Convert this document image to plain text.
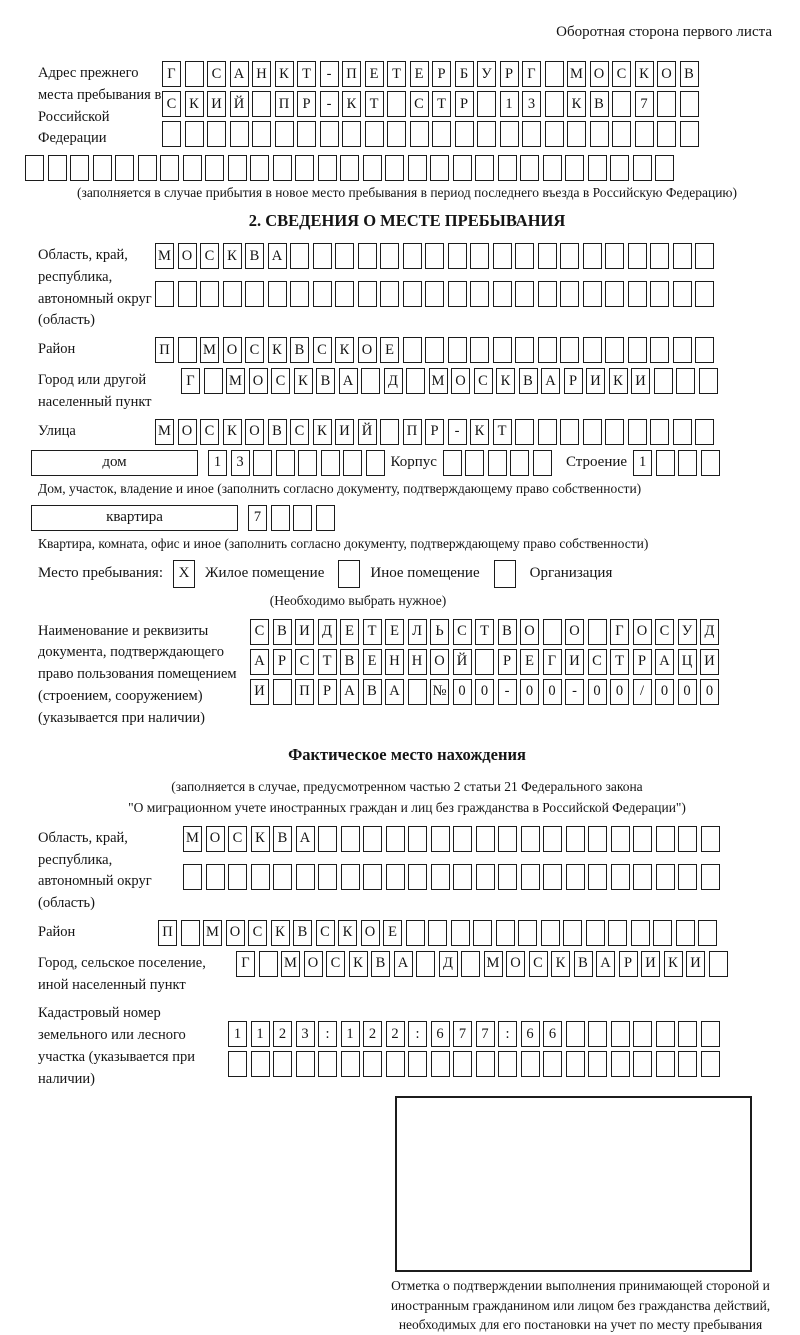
Оборотная сторона первого листа
Адрес прежнего места пребывания в Российской Федерации
Г	С А Н К Т	-	П Е Т Е Р Б У Р Г	М О С К О В
С К И Й П Р	-	К Т	С Т Р	1	3	К В	7
(заполняется в случае прибытия в новое место пребывания в период последнего въезда в Российскую Федерацию)
2. СВЕДЕНИЯ О МЕСТЕ ПРЕБЫВАНИЯ
Область, край, республика, автономный округ (область)
М О С К В А
Район	П М О С К В С К О Е
Город или другой населенный пункт
Г	М О С К В А	Д	М О С К В А Р И К И
Улица	М О С К О В С К И Й П Р	-	К Т
дом	1	3	Корпус	Строение 1
Дом, участок, владение и иное (заполнить согласно документу, подтверждающему право собственности)
квартира	7
Квартира, комната, офис и иное (заполнить согласно документу, подтверждающему право собственности)
Место пребывания:	X	Жилое помещение	Иное помещение	Организация
(Необходимо выбрать нужное)
Наименование и реквизиты документа, подтверждающего право пользования помещением (строением, сооружением) (указывается при наличии)
С В И Д Е Т Е Л Ь С Т В О О	Г О С У Д
А Р С Т В Е Н Н О Й	Р Е Г И С Т Р А Ц И
И П Р А В А № 0	0	-	0	0	-	0	0	/	0	0	0
Фактическое место нахождения
(заполняется в случае, предусмотренном частью 2 статьи 21 Федерального закона
"О миграционном учете иностранных граждан и лиц без гражданства в Российской Федерации")
Область, край, республика, автономный округ (область)
М О С К В А
Район	П М О С К В С К О Е
Город, сельское поселение, иной населенный пункт
Г	М О С К В А	Д	М О С К В А Р И К И
Кадастровый номер земельного или лесного участка (указывается при наличии)
1	1	2	3	:	1	2	2	:	6	7	7	:	6	6
Отметка о подтверждении выполнения принимающей стороной и иностранным гражданином или лицом без гражданства действий, необходимых для его постановки на учет по месту пребывания
